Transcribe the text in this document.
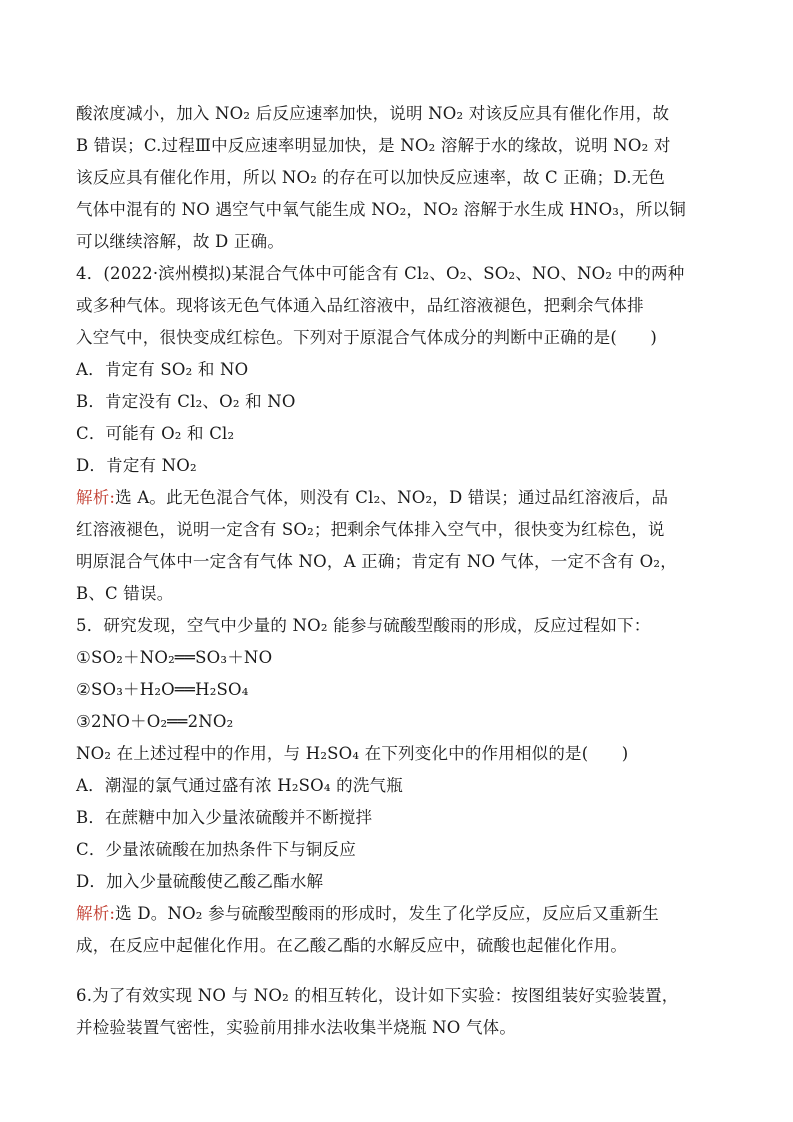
酸浓度减小，加入 NO₂ 后反应速率加快，说明 NO₂ 对该反应具有催化作用，故
B 错误；C.过程Ⅲ中反应速率明显加快，是 NO₂ 溶解于水的缘故，说明 NO₂ 对
该反应具有催化作用，所以 NO₂ 的存在可以加快反应速率，故 C 正确；D.无色
气体中混有的 NO 遇空气中氧气能生成 NO₂，NO₂ 溶解于水生成 HNO₃，所以铜
可以继续溶解，故 D 正确。
4．(2022·滨州模拟)某混合气体中可能含有 Cl₂、O₂、SO₂、NO、NO₂ 中的两种
或多种气体。现将该无色气体通入品红溶液中，品红溶液褪色，把剩余气体排
入空气中，很快变成红棕色。下列对于原混合气体成分的判断中正确的是(　　)
A．肯定有 SO₂ 和 NO
B．肯定没有 Cl₂、O₂ 和 NO
C．可能有 O₂ 和 Cl₂
D．肯定有 NO₂
解析:选 A。此无色混合气体，则没有 Cl₂、NO₂，D 错误；通过品红溶液后，品
红溶液褪色，说明一定含有 SO₂；把剩余气体排入空气中，很快变为红棕色，说
明原混合气体中一定含有气体 NO，A 正确；肯定有 NO 气体，一定不含有 O₂，
B、C 错误。
5．研究发现，空气中少量的 NO₂ 能参与硫酸型酸雨的形成，反应过程如下：
①SO₂＋NO₂══SO₃＋NO
②SO₃＋H₂O══H₂SO₄
③2NO＋O₂══2NO₂
NO₂ 在上述过程中的作用，与 H₂SO₄ 在下列变化中的作用相似的是(　　)
A．潮湿的氯气通过盛有浓 H₂SO₄ 的洗气瓶
B．在蔗糖中加入少量浓硫酸并不断搅拌
C．少量浓硫酸在加热条件下与铜反应
D．加入少量硫酸使乙酸乙酯水解
解析:选 D。NO₂ 参与硫酸型酸雨的形成时，发生了化学反应，反应后又重新生
成，在反应中起催化作用。在乙酸乙酯的水解反应中，硫酸也起催化作用。
6.为了有效实现 NO 与 NO₂ 的相互转化，设计如下实验：按图组装好实验装置，
并检验装置气密性，实验前用排水法收集半烧瓶 NO 气体。
